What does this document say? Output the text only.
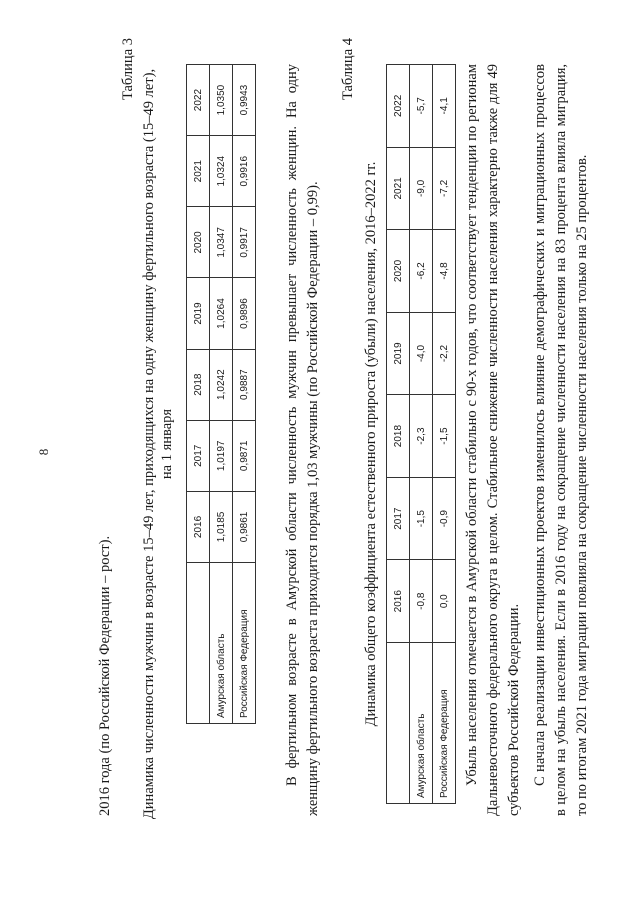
8
2016 года (по Российской Федерации – рост).
Таблица 3 Динамика численности мужчин в возрасте 15–49 лет, приходящихся на одну женщину фертильного возраста (15–49 лет), на 1 января
	2016	2017	2018	2019	2020	2021	2022
Амурская область	1,0185	1,0197	1,0242	1,0264	1,0347	1,0324	1,0350
Российская Федерация	0,9861	0,9871	0,9887	0,9896	0,9917	0,9916	0,9943 В фертильном возрасте в Амурской области численность мужчин превышает численность женщин. На одну женщину фертильного возраста приходится порядка 1,03 мужчины (по Российской Федерации – 0,99).

Таблица 4
Динамика общего коэффициента естественного прироста (убыли) населения, 2016–2022 гг.
	2016	2017	2018	2019	2020	2021	2022
Амурская область	-0,8	-1,5	-2,3	-4,0	-6,2	-9,0	-5,7
Российская Федерация	0,0	-0,9	-1,5	-2,2	-4,8	-7,2	-4,1 Убыль населения отмечается в Амурской области стабильно с 90-х годов, что соответствует тенденции по регионам Дальневосточного федерального округа в целом. Стабильное снижение численности населения характерно также для 49 субъектов Российской Федерации. С начала реализации инвестиционных проектов изменилось влияние демографических и миграционных процессов в целом на убыль населения. Если в 2016 году на сокращение численности населения на 83 процента влияла миграция, то по итогам 2021 года миграции повлияла на сокращение численности населения только на 25 процентов.
